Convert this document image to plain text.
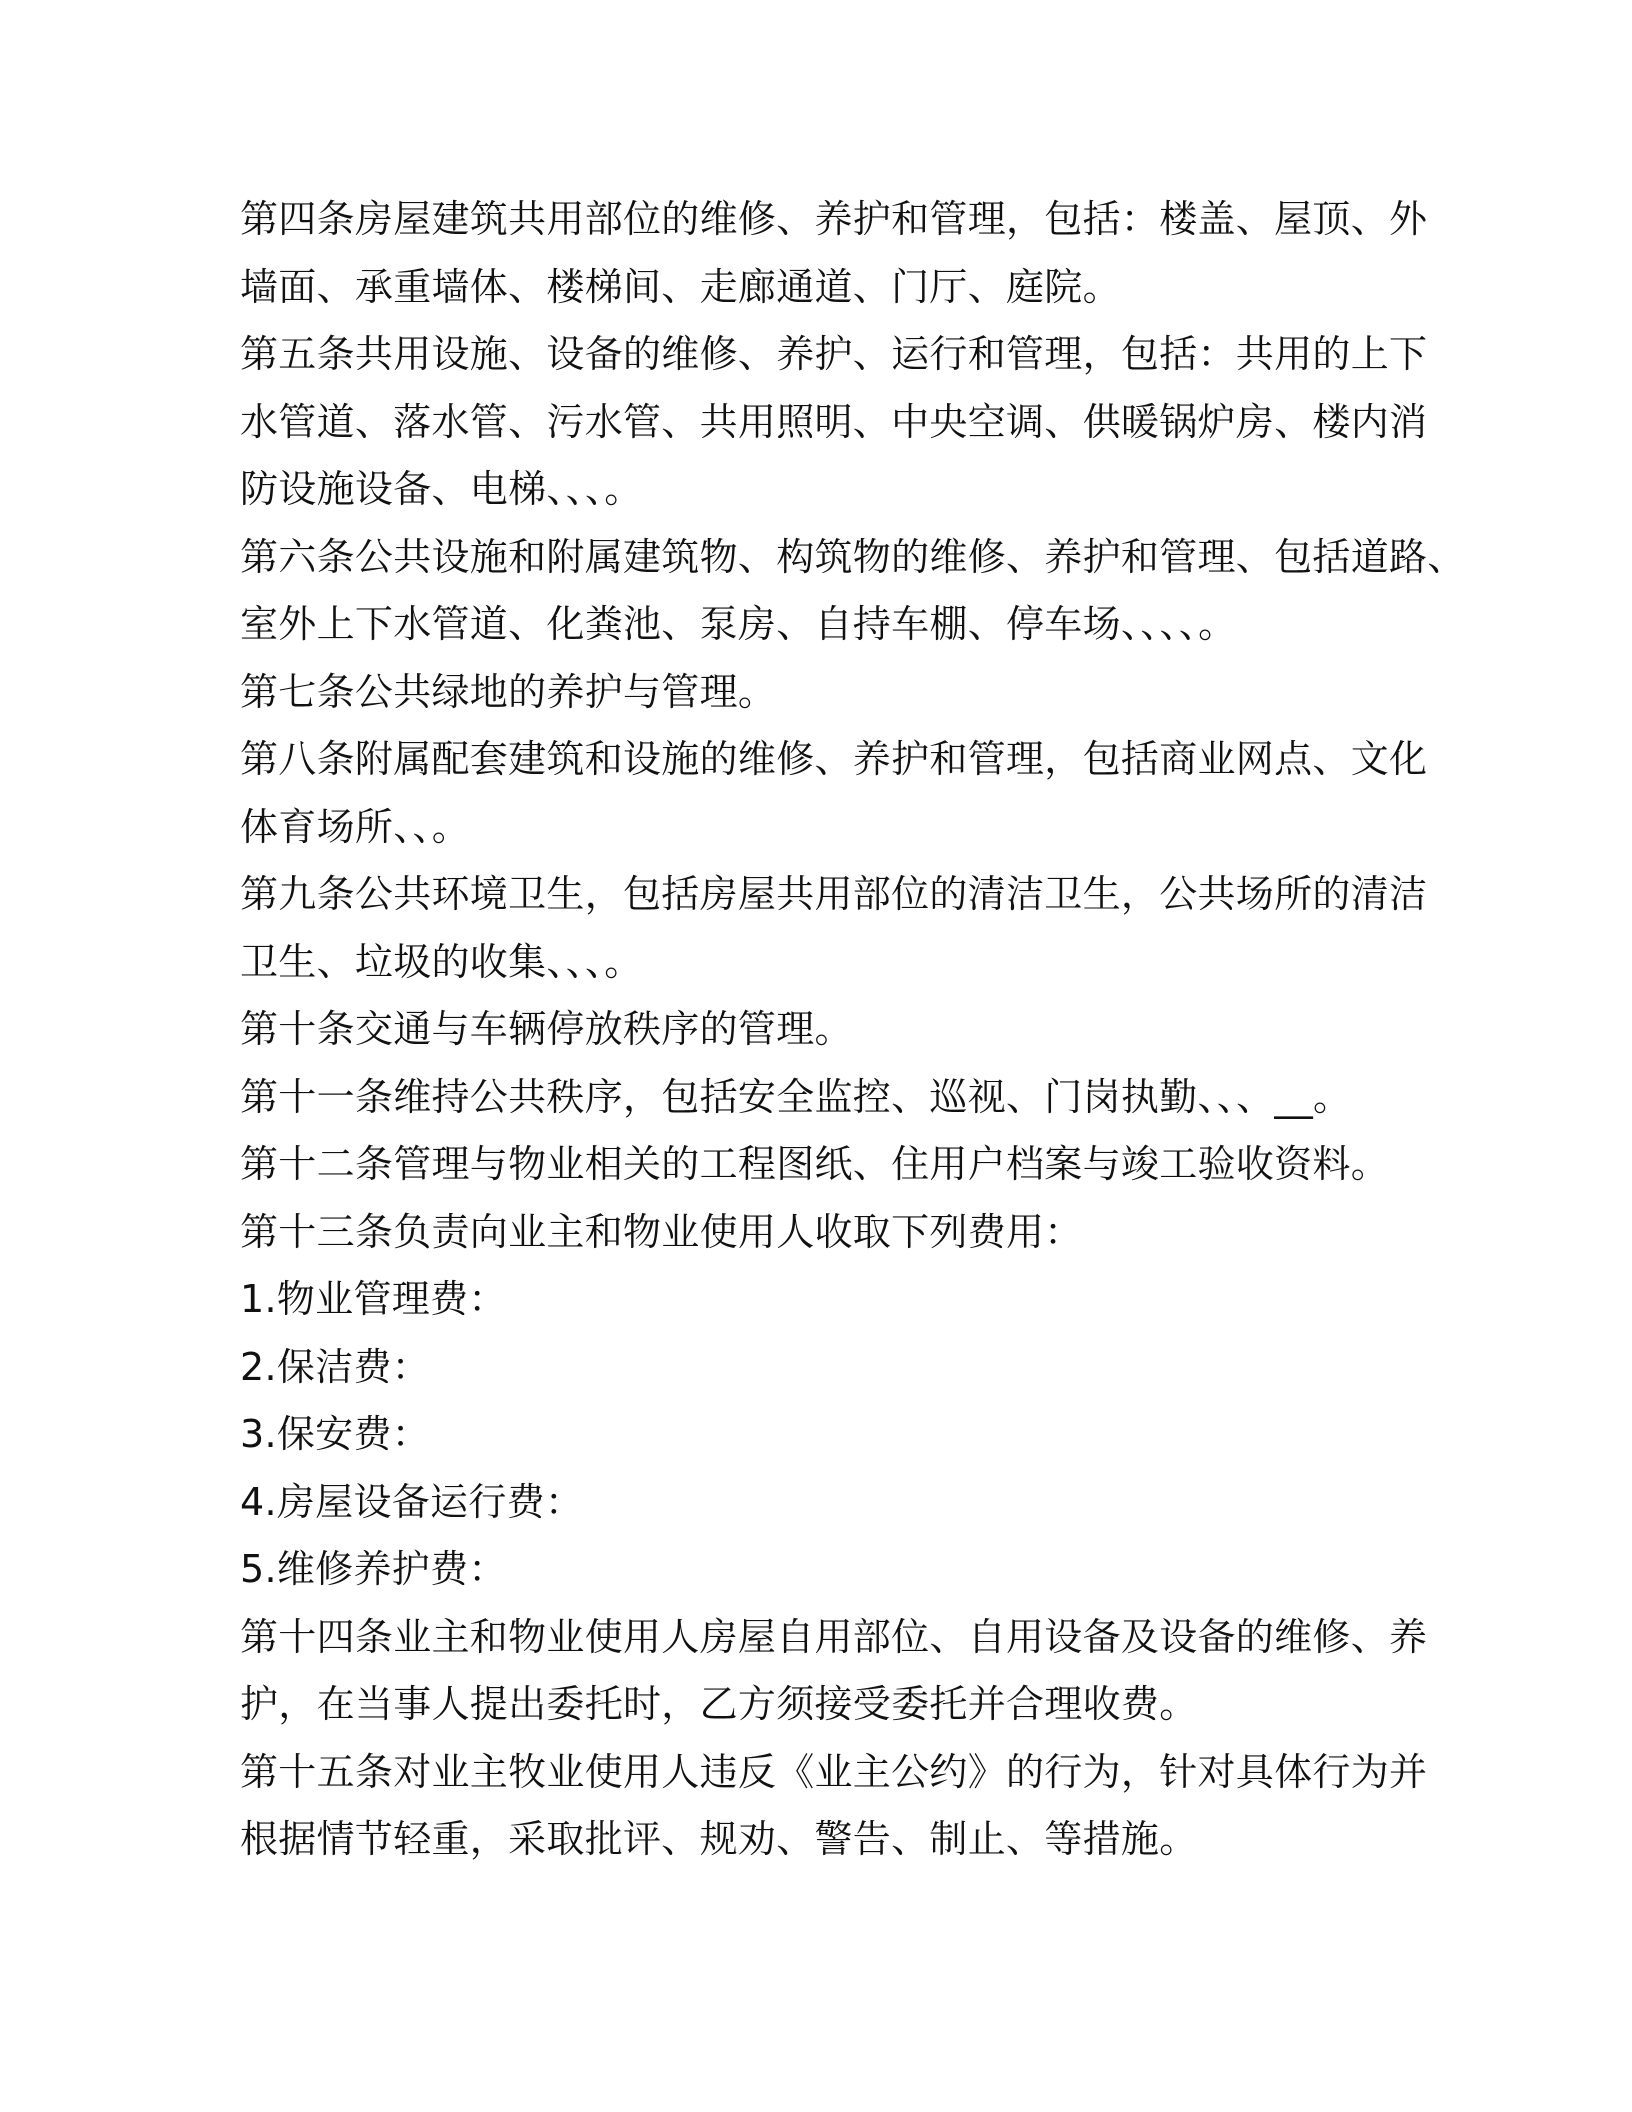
第四条房屋建筑共用部位的维修、养护和管理，包括：楼盖、屋顶、外
墙面、承重墙体、楼梯间、走廊通道、门厅、庭院。
第五条共用设施、设备的维修、养护、运行和管理，包括：共用的上下
水管道、落水管、污水管、共用照明、中央空调、供暖锅炉房、楼内消
防设施设备、电梯、、、。
第六条公共设施和附属建筑物、构筑物的维修、养护和管理、包括道路、
室外上下水管道、化粪池、泵房、自持车棚、停车场、、、、。
第七条公共绿地的养护与管理。
第八条附属配套建筑和设施的维修、养护和管理，包括商业网点、文化
体育场所、、。
第九条公共环境卫生，包括房屋共用部位的清洁卫生，公共场所的清洁
卫生、垃圾的收集、、、。
第十条交通与车辆停放秩序的管理。
第十一条维持公共秩序，包括安全监控、巡视、门岗执勤、、、__。
第十二条管理与物业相关的工程图纸、住用户档案与竣工验收资料。
第十三条负责向业主和物业使用人收取下列费用：
1.物业管理费：
2.保洁费：
3.保安费：
4.房屋设备运行费：
5.维修养护费：
第十四条业主和物业使用人房屋自用部位、自用设备及设备的维修、养
护，在当事人提出委托时，乙方须接受委托并合理收费。
第十五条对业主牧业使用人违反《业主公约》的行为，针对具体行为并
根据情节轻重，采取批评、规劝、警告、制止、等措施。
